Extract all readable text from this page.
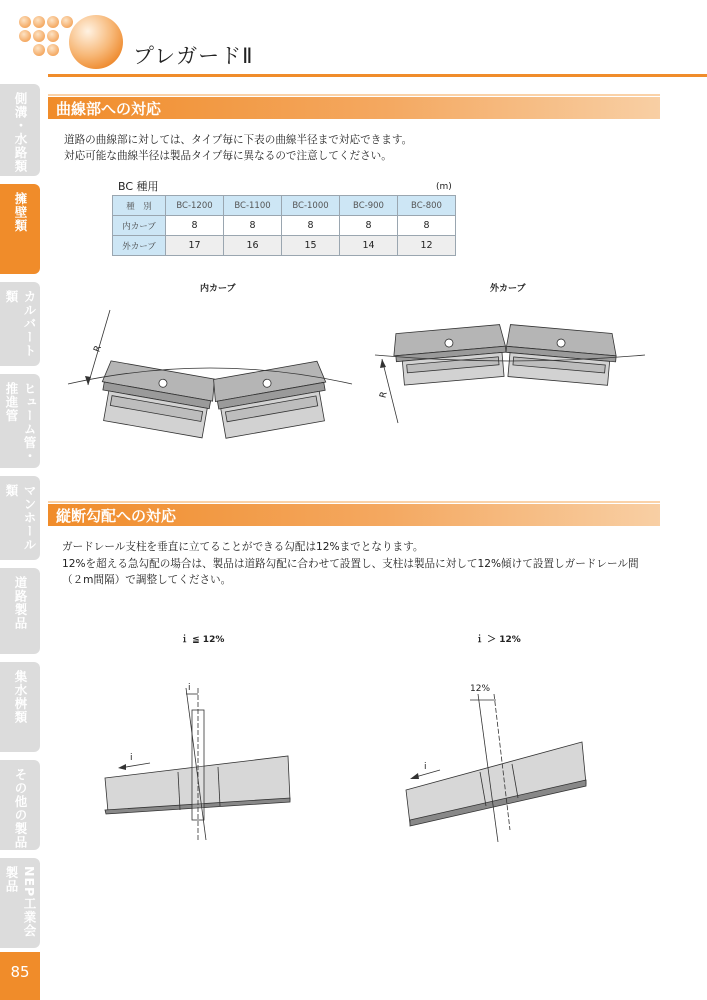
プレガードⅡ
側溝・水路類
擁壁類
カルバート類
ヒューム管・推進管
マンホール類
道路製品
集水桝類
その他の製品
NEP工業会製品
85
曲線部への対応
道路の曲線部に対しては、タイプ毎に下表の曲線半径まで対応できます。
対応可能な曲線半径は製品タイプ毎に異なるので注意してください。
BC 種用	(m)
種　別	BC-1200	BC-1100	BC-1000	BC-900	BC-800
内カーブ	8	8	8	8	8
外カーブ	17	16	15	14	12
内カーブ	外カーブ
R
R
縦断勾配への対応
ガードレール支柱を垂直に立てることができる勾配は12%までとなります。
12%を超える急勾配の場合は、製品は道路勾配に合わせて設置し、支柱は製品に対して12%傾けて設置しガードレール間
（２m間隔）で調整してください。
ｉ ≦ 12%	ｉ ＞ 12%
i
i	12%
i
